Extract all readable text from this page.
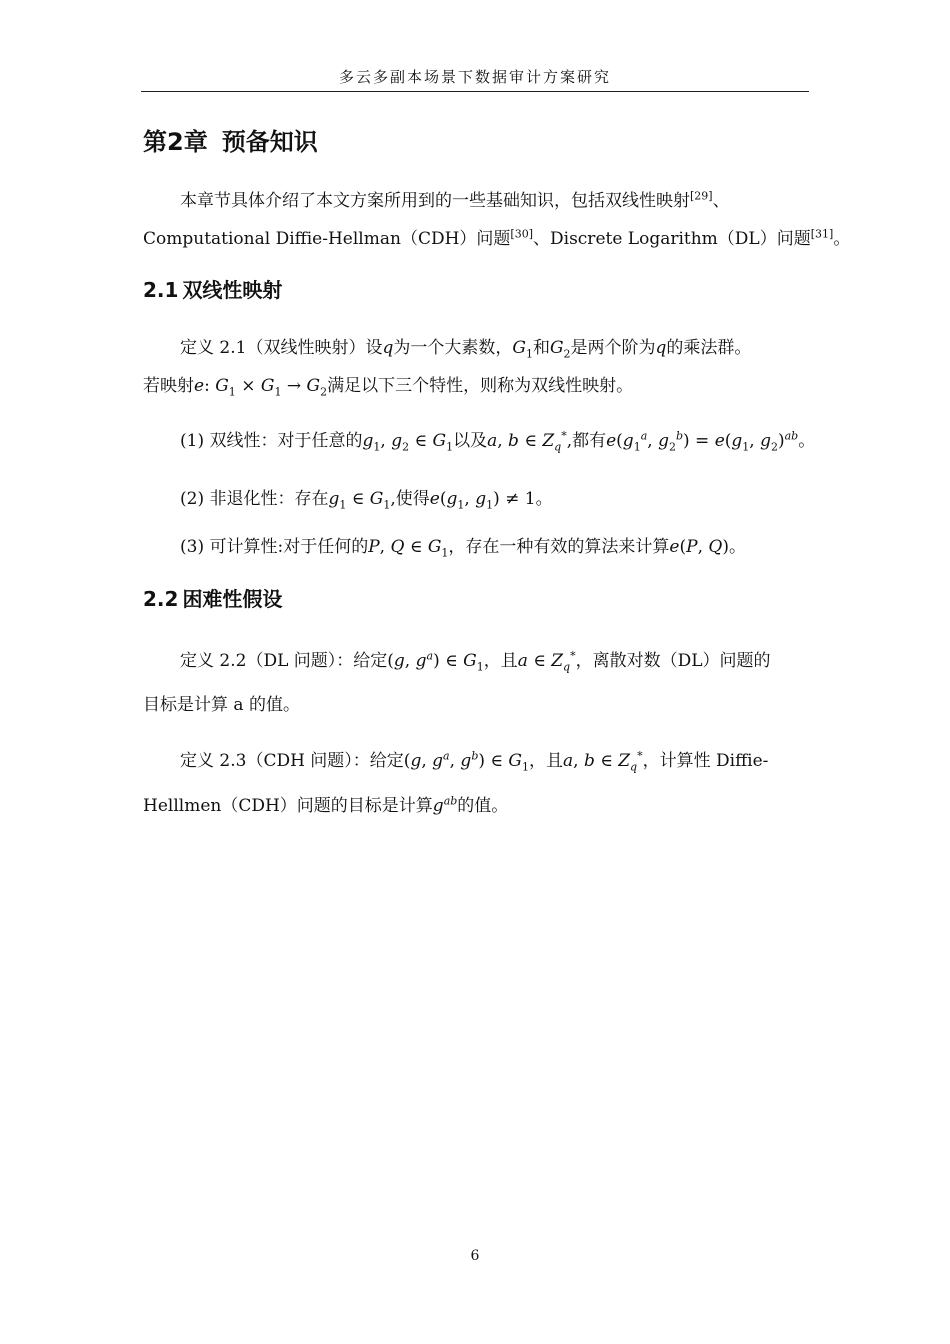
多云多副本场景下数据审计方案研究
第2章 预备知识
本章节具体介绍了本文方案所用到的一些基础知识，包括双线性映射[29]、
Computational Diffie-Hellman（CDH）问题[30]、Discrete Logarithm（DL）问题[31]。
2.1 双线性映射
定义 2.1（双线性映射）设q为一个大素数，$G_1$和$G_2$是两个阶为q的乘法群。
若映射e: $G_1 \times G_1 \to G_2$满足以下三个特性，则称为双线性映射。
(1) 双线性：对于任意的$g_1$, $g_2$ ∈ $G_1$以及a, b ∈ $Z_q^*$,都有$e(g_1^a$, $g_2^b) = e(g_1$, $g_2)^{ab}$。
(2) 非退化性：存在$g_1$ ∈ $G_1$,使得$e(g_1$, $g_1) \ne 1$。
(3) 可计算性:对于任何的P, Q ∈ $G_1$，存在一种有效的算法来计算e(P, Q)。
2.2 困难性假设
定义 2.2（DL 问题）：给定(g, $g^a$) ∈ $G_1$，且a ∈ $Z_q^*$，离散对数（DL）问题的
目标是计算 a 的值。
定义 2.3（CDH 问题）：给定(g, $g^a$, $g^b$) ∈ $G_1$，且a, b ∈ $Z_q^*$，计算性 Diffie-
Helllmen（CDH）问题的目标是计算$g^{ab}$的值。
6
